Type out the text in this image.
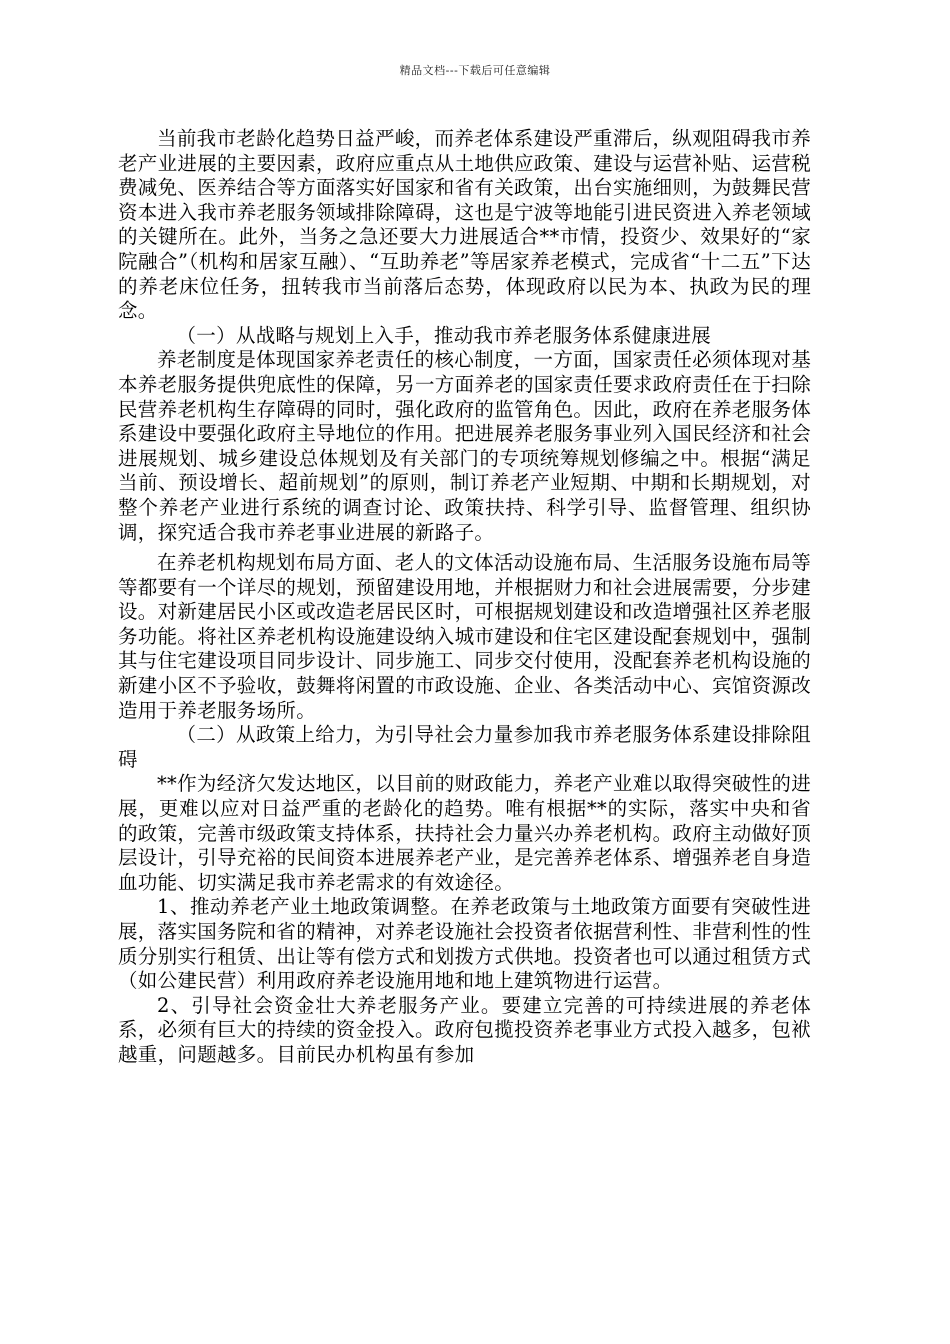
精品文档---下载后可任意编辑

当前我市老龄化趋势日益严峻，而养老体系建设严重滞后，纵观阻碍我市养老产业进展的主要因素，政府应重点从土地供应政策、建设与运营补贴、运营税费减免、医养结合等方面落实好国家和省有关政策，出台实施细则，为鼓舞民营资本进入我市养老服务领域排除障碍，这也是宁波等地能引进民资进入养老领域的关键所在。此外，当务之急还要大力进展适合**市情，投资少、效果好的“家院融合”（机构和居家互融）、“互助养老”等居家养老模式，完成省“十二五”下达的养老床位任务，扭转我市当前落后态势，体现政府以民为本、执政为民的理念。

（一）从战略与规划上入手，推动我市养老服务体系健康进展

养老制度是体现国家养老责任的核心制度，一方面，国家责任必须体现对基本养老服务提供兜底性的保障，另一方面养老的国家责任要求政府责任在于扫除民营养老机构生存障碍的同时，强化政府的监管角色。因此，政府在养老服务体系建设中要强化政府主导地位的作用。把进展养老服务事业列入国民经济和社会进展规划、城乡建设总体规划及有关部门的专项统筹规划修编之中。根据“满足当前、预设增长、超前规划”的原则，制订养老产业短期、中期和长期规划，对整个养老产业进行系统的调查讨论、政策扶持、科学引导、监督管理、组织协调，探究适合我市养老事业进展的新路子。

在养老机构规划布局方面、老人的文体活动设施布局、生活服务设施布局等等都要有一个详尽的规划，预留建设用地，并根据财力和社会进展需要，分步建设。对新建居民小区或改造老居民区时，可根据规划建设和改造增强社区养老服务功能。将社区养老机构设施建设纳入城市建设和住宅区建设配套规划中，强制其与住宅建设项目同步设计、同步施工、同步交付使用，没配套养老机构设施的新建小区不予验收，鼓舞将闲置的市政设施、企业、各类活动中心、宾馆资源改造用于养老服务场所。

（二）从政策上给力，为引导社会力量参加我市养老服务体系建设排除阻碍

**作为经济欠发达地区，以目前的财政能力，养老产业难以取得突破性的进展，更难以应对日益严重的老龄化的趋势。唯有根据**的实际，落实中央和省的政策，完善市级政策支持体系，扶持社会力量兴办养老机构。政府主动做好顶层设计，引导充裕的民间资本进展养老产业，是完善养老体系、增强养老自身造血功能、切实满足我市养老需求的有效途径。

1、推动养老产业土地政策调整。在养老政策与土地政策方面要有突破性进展，落实国务院和省的精神，对养老设施社会投资者依据营利性、非营利性的性质分别实行租赁、出让等有偿方式和划拨方式供地。投资者也可以通过租赁方式（如公建民营）利用政府养老设施用地和地上建筑物进行运营。

2、引导社会资金壮大养老服务产业。要建立完善的可持续进展的养老体系，必须有巨大的持续的资金投入。政府包揽投资养老事业方式投入越多，包袱越重，问题越多。目前民办机构虽有参加
